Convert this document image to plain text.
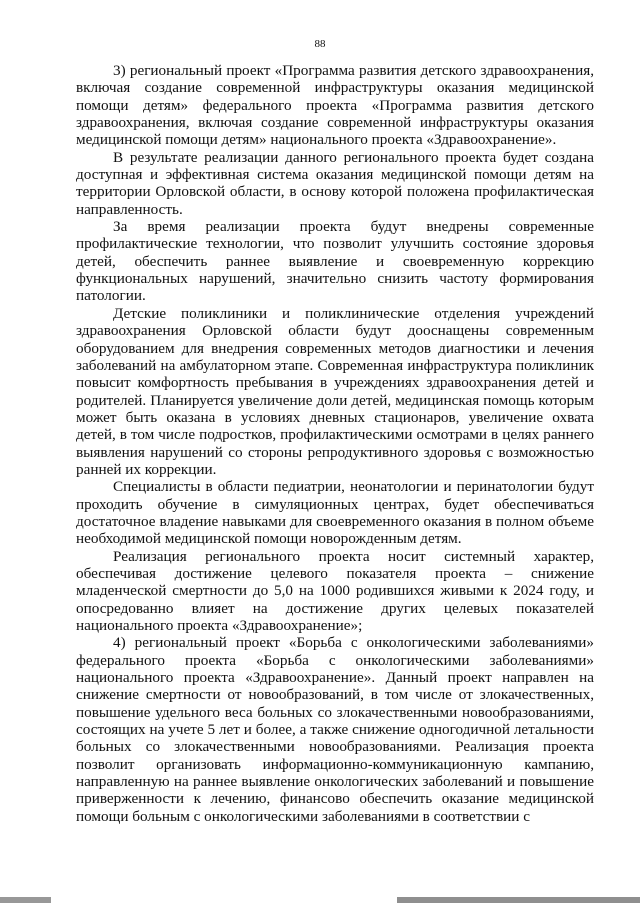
88

3) региональный проект «Программа развития детского здравоохранения, включая создание современной инфраструктуры оказания медицинской помощи детям» федерального проекта «Программа развития детского здравоохранения, включая создание современной инфраструктуры оказания медицинской помощи детям» национального проекта «Здравоохранение».

В результате реализации данного регионального проекта будет создана доступная и эффективная система оказания медицинской помощи детям на территории Орловской области, в основу которой положена профилактическая направленность.

За время реализации проекта будут внедрены современные профилактические технологии, что позволит улучшить состояние здоровья детей, обеспечить раннее выявление и своевременную коррекцию функциональных нарушений, значительно снизить частоту формирования патологии.

Детские поликлиники и поликлинические отделения учреждений здравоохранения Орловской области будут дооснащены современным оборудованием для внедрения современных методов диагностики и лечения заболеваний на амбулаторном этапе. Современная инфраструктура поликлиник повысит комфортность пребывания в учреждениях здравоохранения детей и родителей. Планируется увеличение доли детей, медицинская помощь которым может быть оказана в условиях дневных стационаров, увеличение охвата детей, в том числе подростков, профилактическими осмотрами в целях раннего выявления нарушений со стороны репродуктивного здоровья с возможностью ранней их коррекции.

Специалисты в области педиатрии, неонатологии и перинатологии будут проходить обучение в симуляционных центрах, будет обеспечиваться достаточное владение навыками для своевременного оказания в полном объеме необходимой медицинской помощи новорожденным детям.

Реализация регионального проекта носит системный характер, обеспечивая достижение целевого показателя проекта – снижение младенческой смертности до 5,0 на 1000 родившихся живыми к 2024 году, и опосредованно влияет на достижение других целевых показателей национального проекта «Здравоохранение»;

4) региональный проект «Борьба с онкологическими заболеваниями» федерального проекта «Борьба с онкологическими заболеваниями» национального проекта «Здравоохранение». Данный проект направлен на снижение смертности от новообразований, в том числе от злокачественных, повышение удельного веса больных со злокачественными новообразованиями, состоящих на учете 5 лет и более, а также снижение одногодичной летальности больных со злокачественными новообразованиями. Реализация проекта позволит организовать информационно-коммуникационную кампанию, направленную на раннее выявление онкологических заболеваний и повышение приверженности к лечению, финансово обеспечить оказание медицинской помощи больным с онкологическими заболеваниями в соответствии с
